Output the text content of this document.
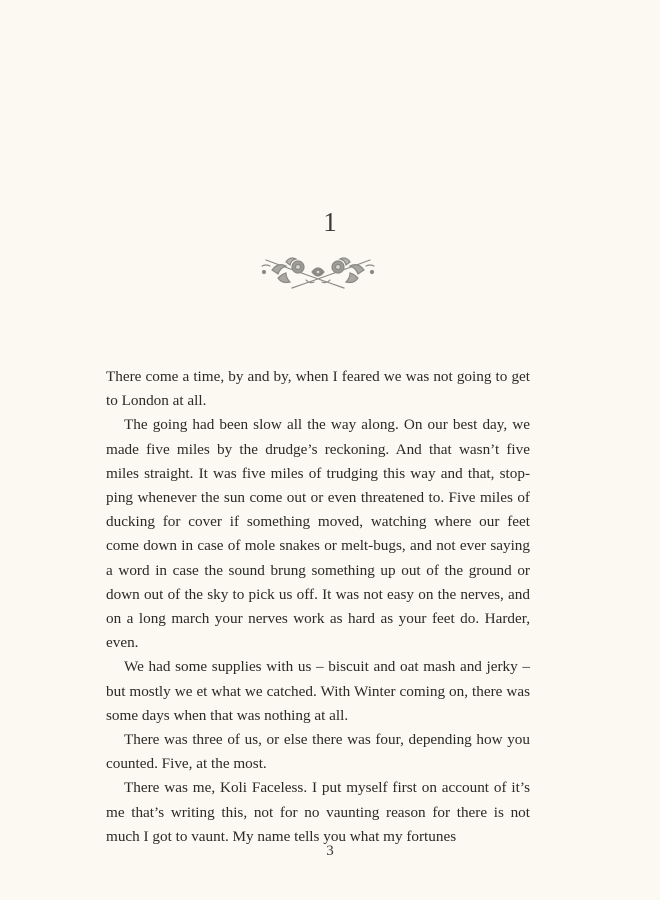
1

There come a time, by and by, when I feared we was not going to get to London at all.

The going had been slow all the way along. On our best day, we made five miles by the drudge’s reckoning. And that wasn’t five miles straight. It was five miles of trudging this way and that, stop-ping whenever the sun come out or even threatened to. Five miles of ducking for cover if something moved, watching where our feet come down in case of mole snakes or melt-bugs, and not ever saying a word in case the sound brung something up out of the ground or down out of the sky to pick us off. It was not easy on the nerves, and on a long march your nerves work as hard as your feet do. Harder, even.

We had some supplies with us – biscuit and oat mash and jerky – but mostly we et what we catched. With Winter coming on, there was some days when that was nothing at all.

There was three of us, or else there was four, depending how you counted. Five, at the most.

There was me, Koli Faceless. I put myself first on account of it’s me that’s writing this, not for no vaunting reason for there is not much I got to vaunt. My name tells you what my fortunes

3
